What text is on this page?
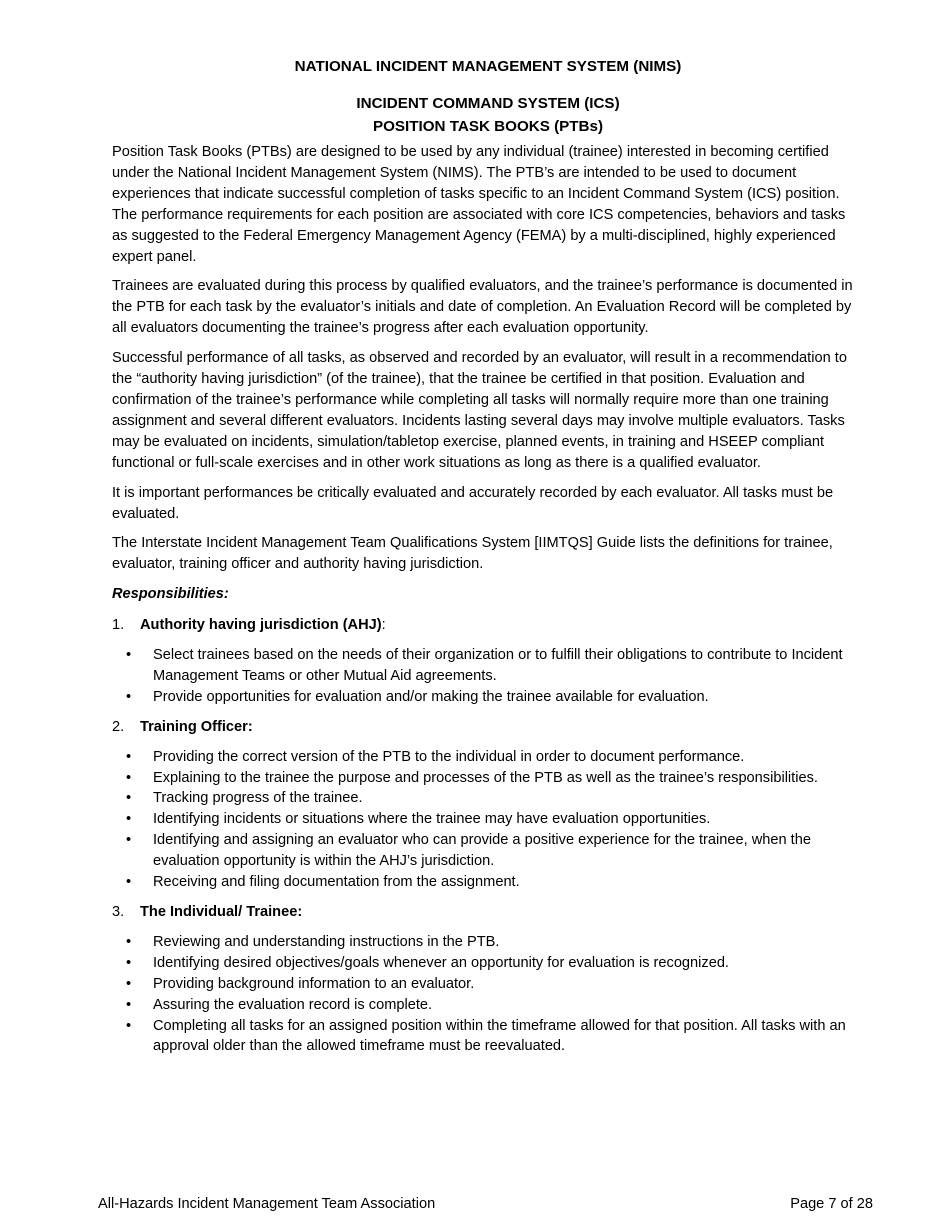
NATIONAL INCIDENT MANAGEMENT SYSTEM (NIMS)
INCIDENT COMMAND SYSTEM (ICS)
POSITION TASK BOOKS (PTBs)

Position Task Books (PTBs) are designed to be used by any individual (trainee) interested in becoming certified under the National Incident Management System (NIMS). The PTB’s are intended to be used to document experiences that indicate successful completion of tasks specific to an Incident Command System (ICS) position. The performance requirements for each position are associated with core ICS competencies, behaviors and tasks as suggested to the Federal Emergency Management Agency (FEMA) by a multi-disciplined, highly experienced expert panel.

Trainees are evaluated during this process by qualified evaluators, and the trainee’s performance is documented in the PTB for each task by the evaluator’s initials and date of completion. An Evaluation Record will be completed by all evaluators documenting the trainee’s progress after each evaluation opportunity.

Successful performance of all tasks, as observed and recorded by an evaluator, will result in a recommendation to the “authority having jurisdiction” (of the trainee), that the trainee be certified in that position. Evaluation and confirmation of the trainee’s performance while completing all tasks will normally require more than one training assignment and several different evaluators. Incidents lasting several days may involve multiple evaluators. Tasks may be evaluated on incidents, simulation/tabletop exercise, planned events, in training and HSEEP compliant functional or full-scale exercises and in other work situations as long as there is a qualified evaluator.

It is important performances be critically evaluated and accurately recorded by each evaluator. All tasks must be evaluated.

The Interstate Incident Management Team Qualifications System [IIMTQS] Guide lists the definitions for trainee, evaluator, training officer and authority having jurisdiction.

Responsibilities:
1.	Authority having jurisdiction (AHJ):
• Select trainees based on the needs of their organization or to fulfill their obligations to contribute to Incident Management Teams or other Mutual Aid agreements.
• Provide opportunities for evaluation and/or making the trainee available for evaluation.
2.	Training Officer:
• Providing the correct version of the PTB to the individual in order to document performance.
• Explaining to the trainee the purpose and processes of the PTB as well as the trainee’s responsibilities.
• Tracking progress of the trainee.
• Identifying incidents or situations where the trainee may have evaluation opportunities.
• Identifying and assigning an evaluator who can provide a positive experience for the trainee, when the evaluation opportunity is within the AHJ’s jurisdiction.
• Receiving and filing documentation from the assignment.
3.	The Individual/ Trainee:
• Reviewing and understanding instructions in the PTB.
• Identifying desired objectives/goals whenever an opportunity for evaluation is recognized.
• Providing background information to an evaluator.
• Assuring the evaluation record is complete.
• Completing all tasks for an assigned position within the timeframe allowed for that position. All tasks with an approval older than the allowed timeframe must be reevaluated.
All-Hazards Incident Management Team Association	Page 7 of 28
